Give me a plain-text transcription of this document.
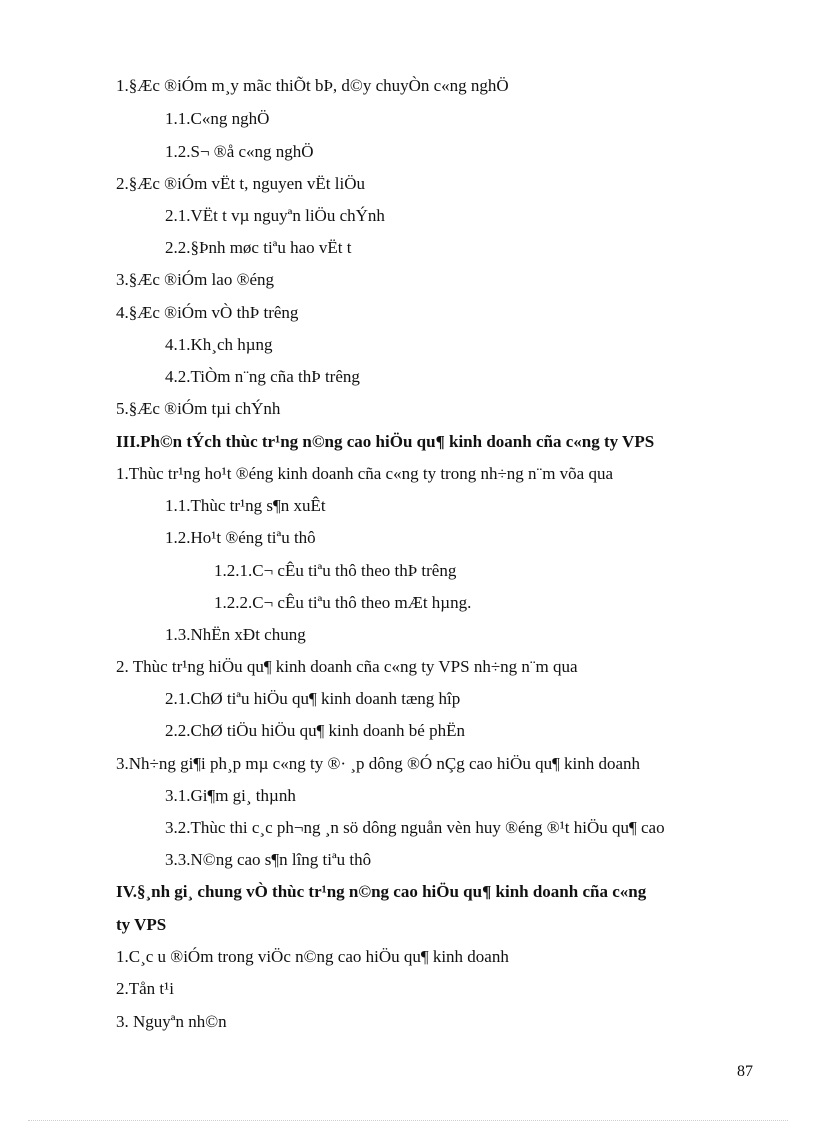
1.§Æc ®iÓm m¸y mãc thiÕt bÞ, d©y chuyÒn c«ng nghÖ
1.1.C«ng nghÖ
1.2.S¬ ®å c«ng nghÖ
2.§Æc ®iÓm vËt t, nguyen vËt liÖu
2.1.VËt t vµ nguyªn liÖu chÝnh
2.2.§Þnh møc tiªu hao vËt t
3.§Æc ®iÓm lao ®éng
4.§Æc ®iÓm vÒ thÞ trêng
4.1.Kh¸ch hµng
4.2.TiÒm n¨ng cña thÞ trêng
5.§Æc ®iÓm tµi chÝnh
III.Ph©n tÝch thùc tr¹ng n©ng cao hiÖu qu¶ kinh doanh cña c«ng ty VPS
1.Thùc tr¹ng ho¹t ®éng kinh doanh cña c«ng ty trong nh÷ng n¨m võa qua
1.1.Thùc tr¹ng s¶n xuÊt
1.2.Ho¹t ®éng tiªu thô
1.2.1.C¬ cÊu tiªu thô theo thÞ trêng
1.2.2.C¬ cÊu tiªu thô theo mÆt hµng.
1.3.NhËn xÐt chung
2. Thùc tr¹ng hiÖu qu¶ kinh doanh cña c«ng ty VPS nh÷ng n¨m qua
2.1.ChØ tiªu hiÖu qu¶ kinh doanh tæng hîp
2.2.ChØ tiÖu hiÖu qu¶ kinh doanh bé phËn
3.Nh÷ng gi¶i ph¸p mµ c«ng ty ®· ¸p dông ®Ó nÇg cao hiÖu qu¶ kinh doanh
3.1.Gi¶m gi¸ thµnh
3.2.Thùc thi c¸c ph¬ng ¸n sö dông nguån vèn huy ®éng ®¹t hiÖu qu¶ cao
3.3.N©ng cao s¶n lîng tiªu thô
IV.§¸nh gi¸ chung vÒ thùc tr¹ng n©ng cao hiÖu qu¶ kinh doanh cña c«ng
ty VPS
1.C¸c u ®iÓm trong viÖc n©ng cao hiÖu qu¶ kinh doanh
2.Tån t¹i
3. Nguyªn nh©n
87
